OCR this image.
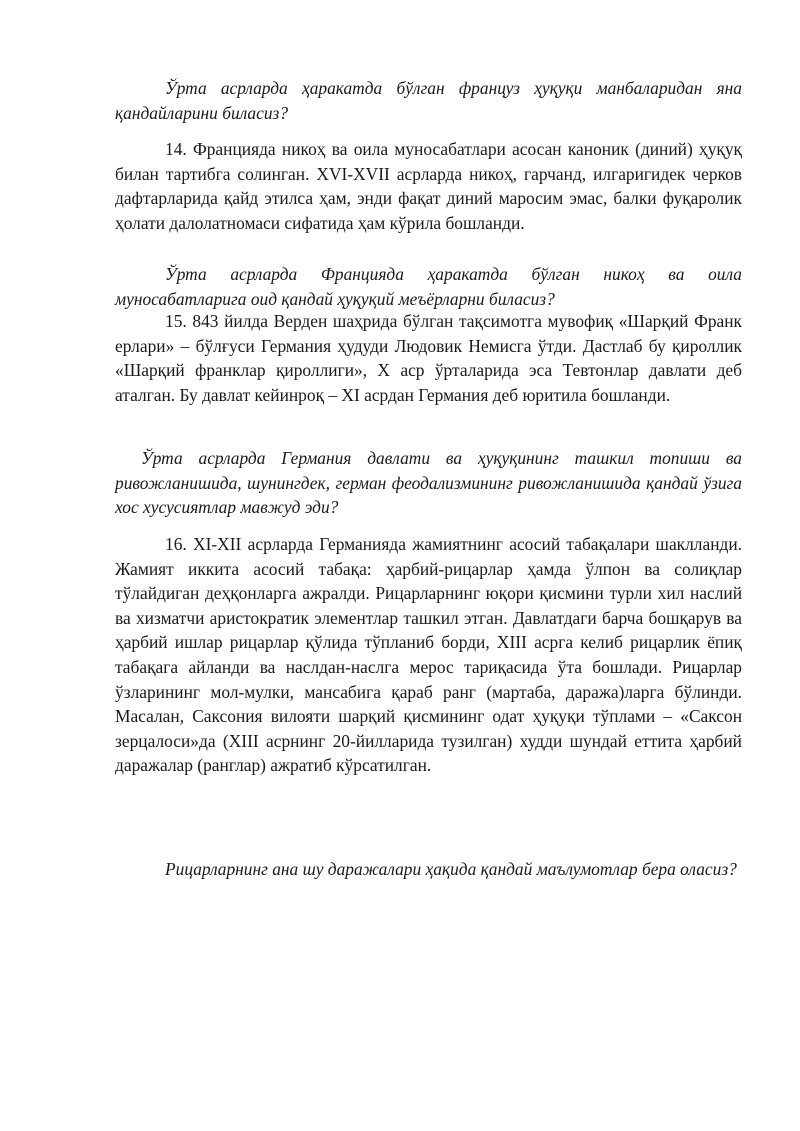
Ўрта асрларда ҳаракатда бўлган француз ҳуқуқи манбаларидан яна қандайларини биласиз?

14. Францияда никоҳ ва оила муносабатлари асосан каноник (диний) ҳуқуқ билан тартибга солинган. XVI-XVII асрларда никоҳ, гарчанд, илгаригидек черков дафтарларида қайд этилса ҳам, энди фақат диний маросим эмас, балки фуқаролик ҳолати далолатномаси сифатида ҳам кўрила бошланди.

Ўрта асрларда Францияда ҳаракатда бўлган никоҳ ва оила муносабатларига оид қандай ҳуқуқий меъёрларни биласиз?

15. 843 йилда Верден шаҳрида бўлган тақсимотга мувофиқ «Шарқий Франк ерлари» – бўлғуси Германия ҳудуди Людовик Немисга ўтди. Дастлаб бу қироллик «Шарқий франклар қироллиги», X аср ўрталарида эса Тевтонлар давлати деб аталган. Бу давлат кейинроқ – XI асрдан Германия деб юритила бошланди.

Ўрта асрларда Германия давлати ва ҳуқуқининг ташкил топиши ва ривожланишида, шунингдек, герман феодализмининг ривожланишида қандай ўзига хос хусусиятлар мавжуд эди?

16. XI-XII асрларда Германияда жамиятнинг асосий табақалари шаклланди. Жамият иккита асосий табақа: ҳарбий-рицарлар ҳамда ўлпон ва солиқлар тўлайдиган деҳқонларга ажралди. Рицарларнинг юқори қисмини турли хил наслий ва хизматчи аристократик элементлар ташкил этган. Давлатдаги барча бошқарув ва ҳарбий ишлар рицарлар қўлида тўпланиб борди, XIII асрга келиб рицарлик ёпиқ табақага айланди ва наслдан-наслга мерос тариқасида ўта бошлади. Рицарлар ўзларининг мол-мулки, мансабига қараб ранг (мартаба, даража)ларга бўлинди. Масалан, Саксония вилояти шарқий қисмининг одат ҳуқуқи тўплами – «Саксон зерцалоси»да (XIII асрнинг 20-йилларида тузилган) худди шундай еттита ҳарбий даражалар (ранглар) ажратиб кўрсатилган.

Рицарларнинг ана шу даражалари ҳақида қандай маълумотлар бера оласиз?
